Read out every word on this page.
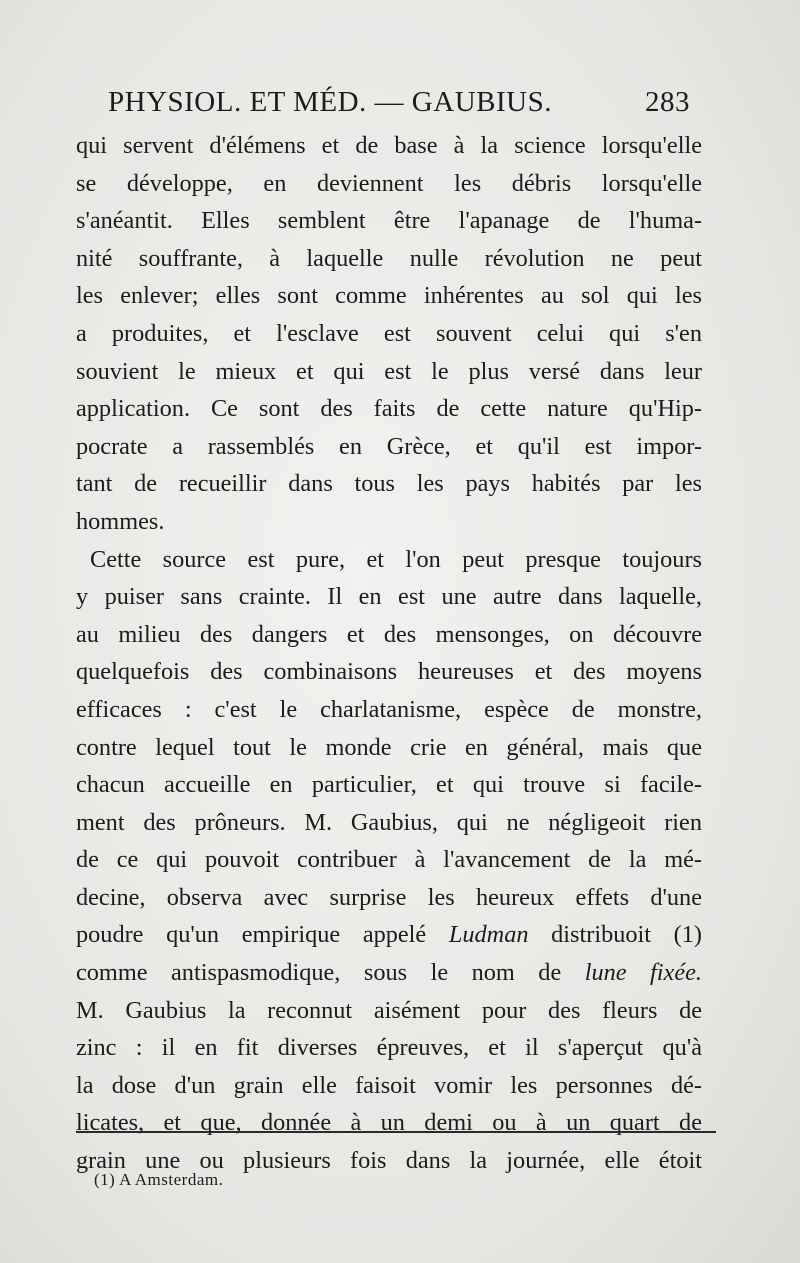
PHYSIOL. ET MÉD. — GAUBIUS.	283
qui servent d'élémens et de base à la science lorsqu'elle
se développe, en deviennent les débris lorsqu'elle
s'anéantit. Elles semblent être l'apanage de l'huma-
nité souffrante, à laquelle nulle révolution ne peut
les enlever; elles sont comme inhérentes au sol qui les
a produites, et l'esclave est souvent celui qui s'en
souvient le mieux et qui est le plus versé dans leur
application. Ce sont des faits de cette nature qu'Hip-
pocrate a rassemblés en Grèce, et qu'il est impor-
tant de recueillir dans tous les pays habités par les
hommes.
Cette source est pure, et l'on peut presque toujours
y puiser sans crainte. Il en est une autre dans laquelle,
au milieu des dangers et des mensonges, on découvre
quelquefois des combinaisons heureuses et des moyens
efficaces : c'est le charlatanisme, espèce de monstre,
contre lequel tout le monde crie en général, mais que
chacun accueille en particulier, et qui trouve si facile-
ment des prôneurs. M. Gaubius, qui ne négligeoit rien
de ce qui pouvoit contribuer à l'avancement de la mé-
decine, observa avec surprise les heureux effets d'une
poudre qu'un empirique appelé Ludman distribuoit (1)
comme antispasmodique, sous le nom de lune fixée.
M. Gaubius la reconnut aisément pour des fleurs de
zinc : il en fit diverses épreuves, et il s'aperçut qu'à
la dose d'un grain elle faisoit vomir les personnes dé-
licates, et que, donnée à un demi ou à un quart de
grain une ou plusieurs fois dans la journée, elle étoit
(1) A Amsterdam.
